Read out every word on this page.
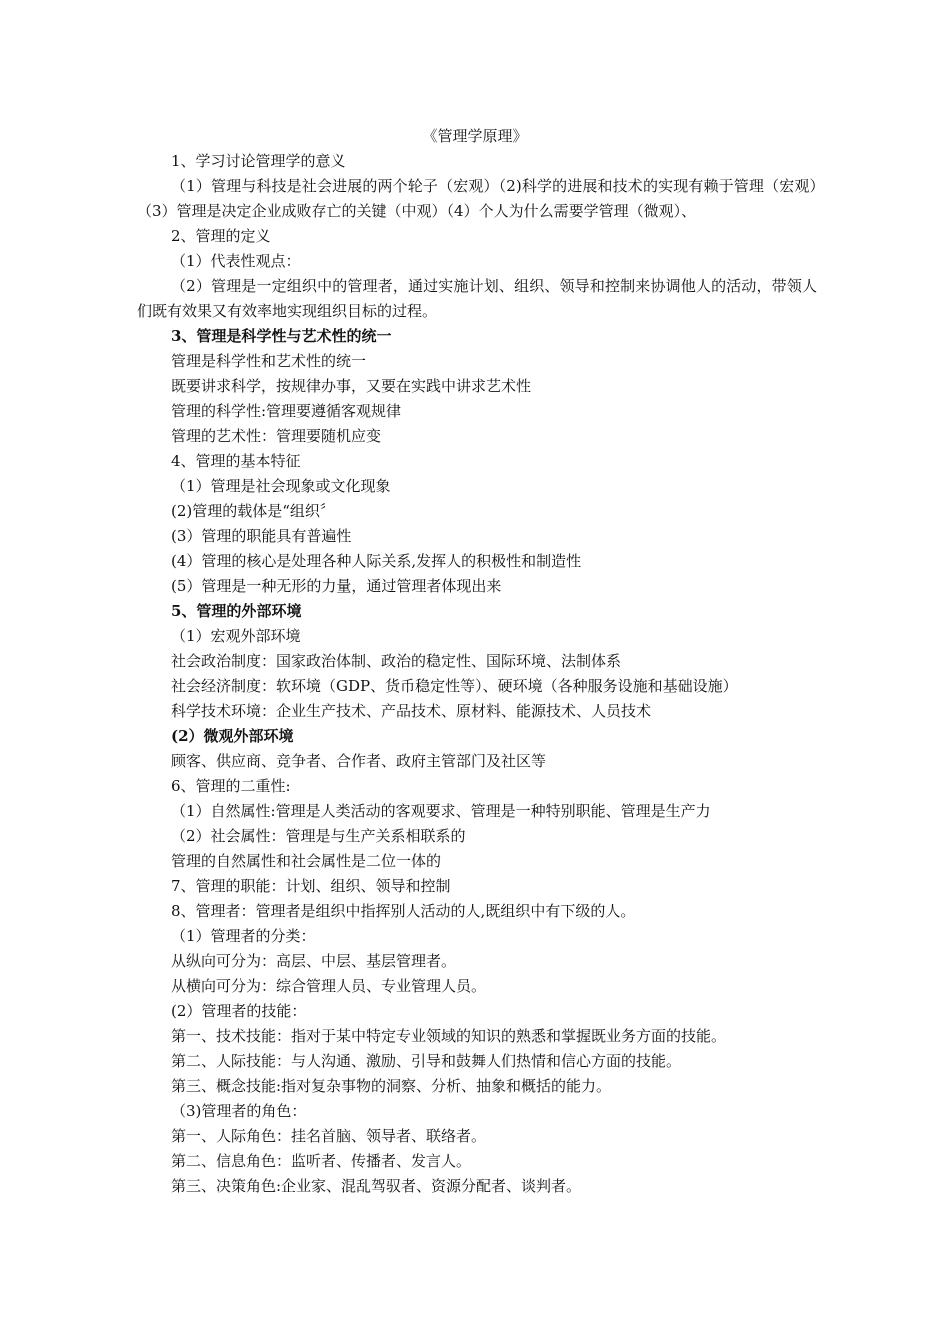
《管理学原理》
1、学习讨论管理学的意义
（1）管理与科技是社会进展的两个轮子（宏观）（2)科学的进展和技术的实现有赖于管理（宏观）（3）管理是决定企业成败存亡的关键（中观）（4）个人为什么需要学管理（微观）、
2、管理的定义
（1）代表性观点：
（2）管理是一定组织中的管理者，通过实施计划、组织、领导和控制来协调他人的活动，带领人们既有效果又有效率地实现组织目标的过程。
3、管理是科学性与艺术性的统一
管理是科学性和艺术性的统一
既要讲求科学，按规律办事，又要在实践中讲求艺术性
管理的科学性:管理要遵循客观规律
管理的艺术性：管理要随机应变
4、管理的基本特征
（1）管理是社会现象或文化现象
(2)管理的载体是“组织〞
(3）管理的职能具有普遍性
(4）管理的核心是处理各种人际关系,发挥人的积极性和制造性
(5）管理是一种无形的力量，通过管理者体现出来
5、管理的外部环境
（1）宏观外部环境
社会政治制度：国家政治体制、政治的稳定性、国际环境、法制体系
社会经济制度：软环境（GDP、货币稳定性等）、硬环境（各种服务设施和基础设施）
科学技术环境：企业生产技术、产品技术、原材料、能源技术、人员技术
(2）微观外部环境
顾客、供应商、竞争者、合作者、政府主管部门及社区等
6、管理的二重性:
（1）自然属性:管理是人类活动的客观要求、管理是一种特别职能、管理是生产力
（2）社会属性：管理是与生产关系相联系的
管理的自然属性和社会属性是二位一体的
7、管理的职能：计划、组织、领导和控制
8、管理者：管理者是组织中指挥别人活动的人,既组织中有下级的人。
（1）管理者的分类：
从纵向可分为：高层、中层、基层管理者。
从横向可分为：综合管理人员、专业管理人员。
(2）管理者的技能：
第一、技术技能：指对于某中特定专业领域的知识的熟悉和掌握既业务方面的技能。
第二、人际技能：与人沟通、激励、引导和鼓舞人们热情和信心方面的技能。
第三、概念技能:指对复杂事物的洞察、分析、抽象和概括的能力。
（3)管理者的角色：
第一、人际角色：挂名首脑、领导者、联络者。
第二、信息角色：监听者、传播者、发言人。
第三、决策角色:企业家、混乱驾驭者、资源分配者、谈判者。
